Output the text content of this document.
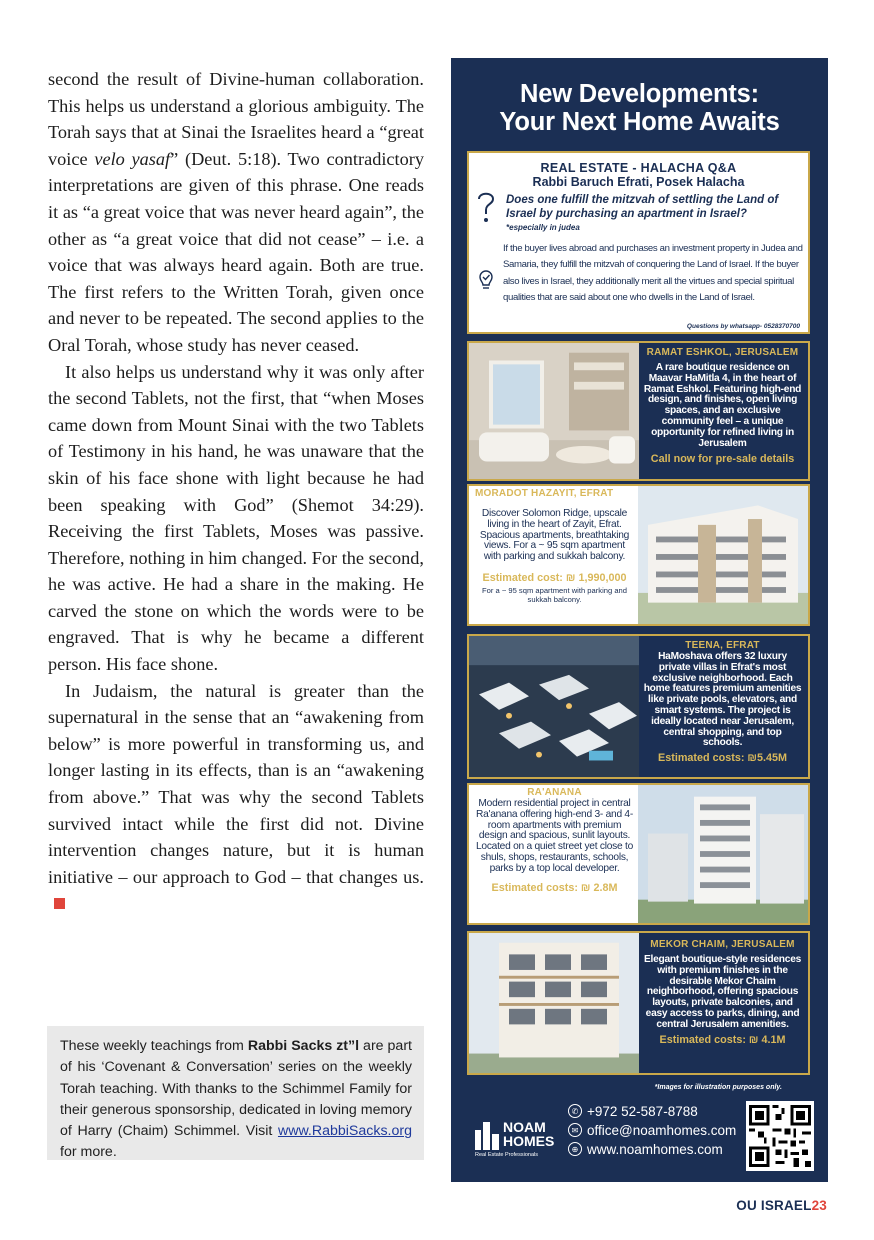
second the result of Divine-human collaboration. This helps us understand a glorious ambiguity. The Torah says that at Sinai the Israelites heard a “great voice velo yasaf” (Deut. 5:18). Two contradictory interpretations are given of this phrase. One reads it as “a great voice that was never heard again”, the other as “a great voice that did not cease” – i.e. a voice that was always heard again. Both are true. The first refers to the Written Torah, given once and never to be repeated. The second applies to the Oral Torah, whose study has never ceased.

It also helps us understand why it was only after the second Tablets, not the first, that “when Moses came down from Mount Sinai with the two Tablets of Testimony in his hand, he was unaware that the skin of his face shone with light because he had been speaking with God” (Shemot 34:29). Receiving the first Tablets, Moses was passive. Therefore, nothing in him changed. For the second, he was active. He had a share in the making. He carved the stone on which the words were to be engraved. That is why he became a different person. His face shone.

In Judaism, the natural is greater than the supernatural in the sense that an “awakening from below” is more powerful in transforming us, and longer lasting in its effects, than is an “awakening from above.” That was why the second Tablets survived intact while the first did not. Divine intervention changes nature, but it is human initiative – our approach to God – that changes us.

These weekly teachings from Rabbi Sacks zt”l are part of his ‘Covenant & Conversation’ series on the weekly Torah teaching. With thanks to the Schimmel Family for their generous sponsorship, dedicated in loving memory of Harry (Chaim) Schimmel. Visit www.RabbiSacks.org for more.

New Developments:
Your Next Home Awaits
REAL ESTATE - HALACHA Q&A
Rabbi Baruch Efrati, Posek Halacha
Does one fulfill the mitzvah of settling the Land of Israel by purchasing an apartment in Israel?
*especially in judea
If the buyer lives abroad and purchases an investment property in Judea and Samaria, they fulfill the mitzvah of conquering the Land of Israel. If the buyer also lives in Israel, they additionally merit all the virtues and special spiritual qualities that are said about one who dwells in the Land of Israel.
Questions by whatsapp- 0528370700
RAMAT ESHKOL, JERUSALEM
A rare boutique residence on Maavar HaMitla 4, in the heart of Ramat Eshkol. Featuring high-end design, and finishes, open living spaces, and an exclusive community feel – a unique opportunity for refined living in Jerusalem
Call now for pre-sale details
MORADOT HAZAYIT, EFRAT
Discover Solomon Ridge, upscale living in the heart of Zayit, Efrat. Spacious apartments, breathtaking views. For a ~ 95 sqm apartment with parking and sukkah balcony.
Estimated cost: ₪ 1,990,000
For a ~ 95 sqm apartment with parking and sukkah balcony.
TEENA, EFRAT
HaMoshava offers 32 luxury private villas in Efrat's most exclusive neighborhood. Each home features premium amenities like private pools, elevators, and smart systems. The project is ideally located near Jerusalem, central shopping, and top schools.
Estimated costs: ₪5.45M
RA'ANANA
Modern residential project in central Ra'anana offering high-end 3- and 4-room apartments with premium design and spacious, sunlit layouts. Located on a quiet street yet close to shuls, shops, restaurants, schools, parks by a top local developer.
Estimated costs: ₪ 2.8M
MEKOR CHAIM, JERUSALEM
Elegant boutique-style residences with premium finishes in the desirable Mekor Chaim neighborhood, offering spacious layouts, private balconies, and easy access to parks, dining, and central Jerusalem amenities.
Estimated costs: ₪ 4.1M
*Images for illustration purposes only.
NOAM
HOMES
Real Estate Professionals
✆ +972 52-587-8788
✉ office@noamhomes.com
⊕ www.noamhomes.com
OU ISRAEL23
